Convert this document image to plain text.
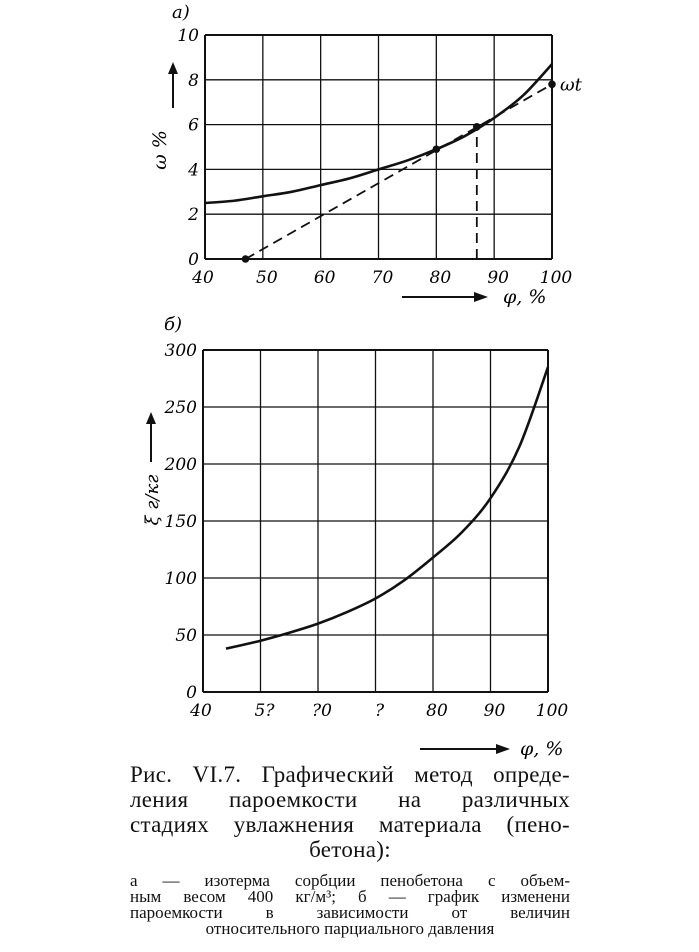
а)
40 50 60 70 80 90 100
0
2
4
6
8
10
ωt
ω %
φ, %
б)
40	5? ?0	? 80 90 100
0
50
100
150
200
250
300
ξ г/кг
φ, %
Рис. VI.7. Графический метод опреде-
ления пароемкости на различных
стадиях увлажнения материала (пено-
бетона):
а — изотерма сорбции пенобетона с объем-
ным весом 400 кг/м³; б — график изменени
пароемкости в зависимости от величин
относительного парциального давления
